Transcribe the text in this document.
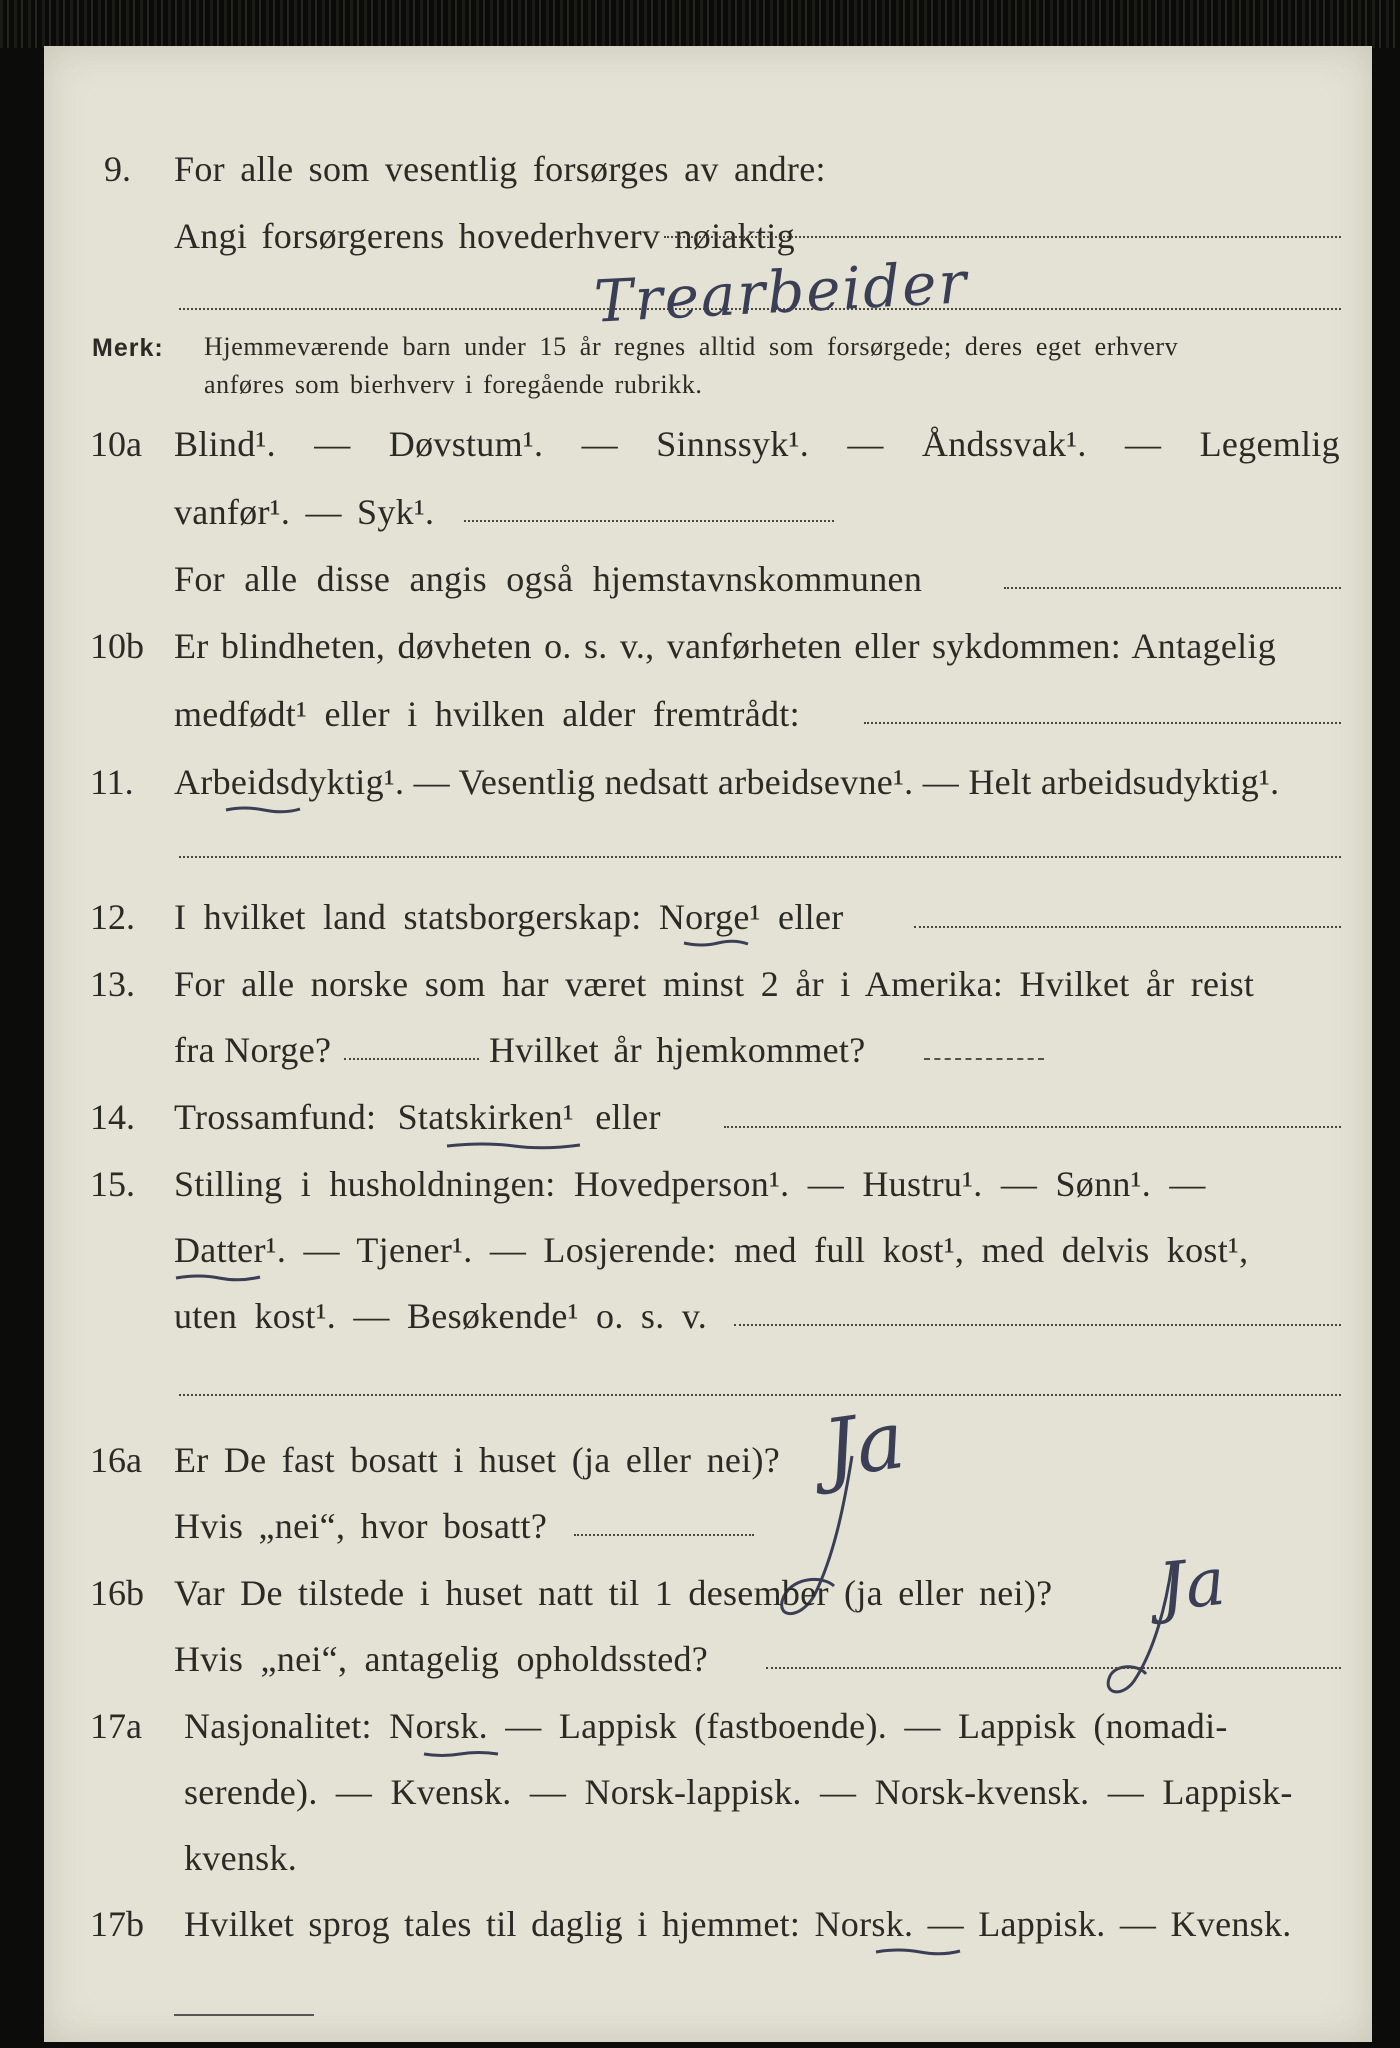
9. For alle som vesentlig forsørges av andre:
Angi forsørgerens hovederhverv nøiaktig
Trearbeider
Merk: Hjemmeværende barn under 15 år regnes alltid som forsørgede; deres eget erhverv
anføres som bierhverv i foregående rubrikk.
10a Blind¹. — Døvstum¹. — Sinnssyk¹. — Åndssvak¹. — Legemlig
vanfør¹. — Syk¹.
For alle disse angis også hjemstavnskommunen
10b Er blindheten, døvheten o. s. v., vanførheten eller sykdommen: Antagelig
medfødt¹ eller i hvilken alder fremtrådt:
11. Arbeidsdyktig¹. — Vesentlig nedsatt arbeidsevne¹. — Helt arbeidsudyktig¹.
12. I hvilket land statsborgerskap: Norge¹ eller
13. For alle norske som har været minst 2 år i Amerika: Hvilket år reist
fra Norge?	Hvilket år hjemkommet?
14. Trossamfund: Statskirken¹ eller
15. Stilling i husholdningen: Hovedperson¹. — Hustru¹. — Sønn¹. —
Datter¹. — Tjener¹. — Losjerende: med full kost¹, med delvis kost¹,
uten kost¹. — Besøkende¹ o. s. v.
16a Er De fast bosatt i huset (ja eller nei)?
Hvis „nei“, hvor bosatt?
Ja
16b Var De tilstede i huset natt til 1 desember (ja eller nei)? Ja
Hvis „nei“, antagelig opholdssted?
17a Nasjonalitet: Norsk. — Lappisk (fastboende). — Lappisk (nomadi-
serende). — Kvensk. — Norsk-lappisk. — Norsk-kvensk. — Lappisk-
kvensk.
17b Hvilket sprog tales til daglig i hjemmet: Norsk. — Lappisk. — Kvensk.
